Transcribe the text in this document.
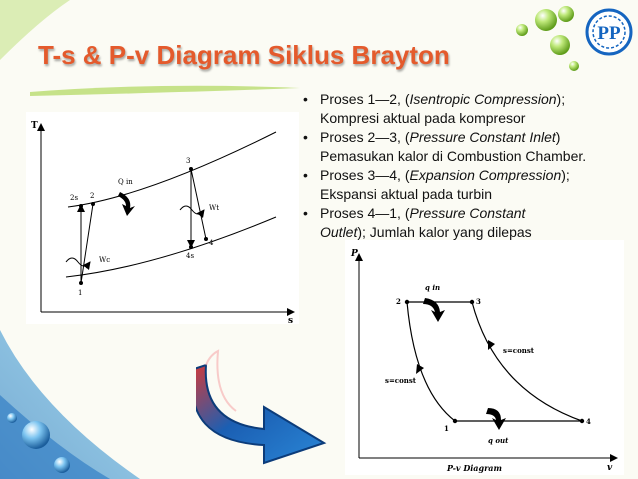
T-s & P-v Diagram Siklus Brayton
PP
• Proses 1—2, (Isentropic Compression);
Kompresi aktual pada kompresor
• Proses 2—3, (Pressure Constant Inlet)
Pemasukan kalor di Combustion Chamber.
• Proses 3—4, (Expansion Compression);
Ekspansi aktual pada turbin
• Proses 4—1, (Pressure Constant
Outlet); Jumlah kalor yang dilepas
T
s
1
2s 2
3
4s
4
Q in
Wc
Wt
P
v
P-v Diagram
1
2	3
4
q in
q out
s=const
s=const
